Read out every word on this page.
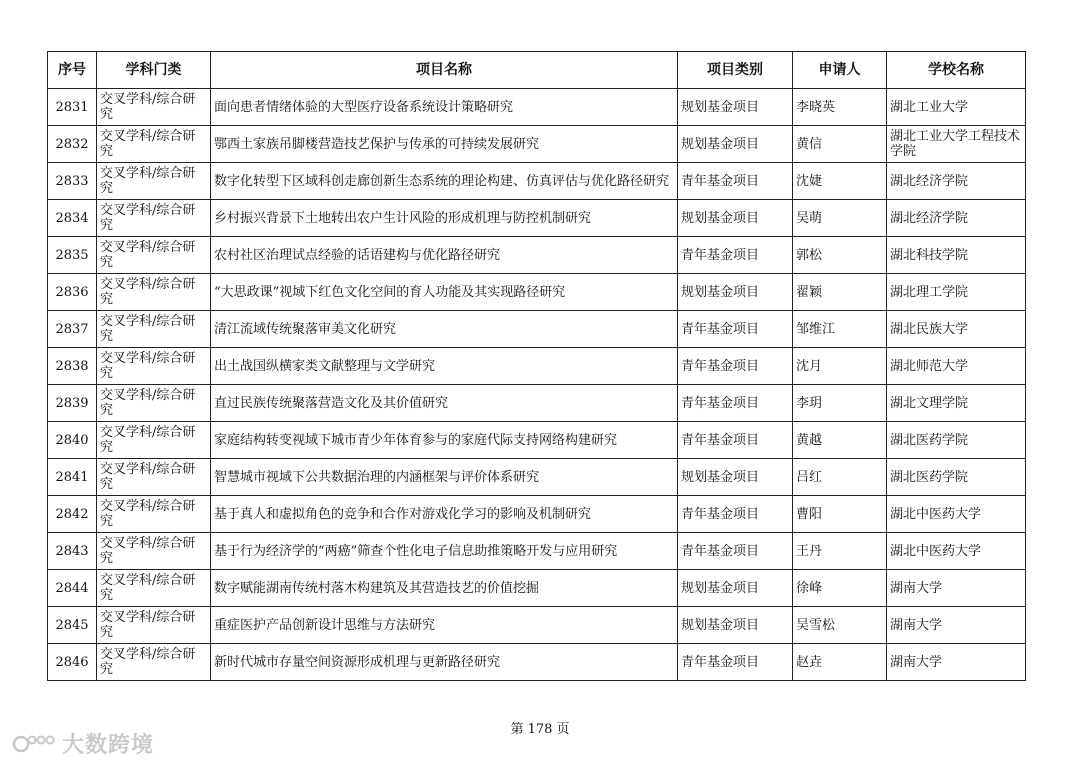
序号	学科门类	项目名称	项目类别	申请人	学校名称
2831	交叉学科/综合研究	面向患者情绪体验的大型医疗设备系统设计策略研究	规划基金项目	李晓英	湖北工业大学
2832	交叉学科/综合研究	鄂西土家族吊脚楼营造技艺保护与传承的可持续发展研究	规划基金项目	黄信	湖北工业大学工程技术学院
2833	交叉学科/综合研究	数字化转型下区域科创走廊创新生态系统的理论构建、仿真评估与优化路径研究	青年基金项目	沈婕	湖北经济学院
2834	交叉学科/综合研究	乡村振兴背景下土地转出农户生计风险的形成机理与防控机制研究	规划基金项目	吴萌	湖北经济学院
2835	交叉学科/综合研究	农村社区治理试点经验的话语建构与优化路径研究	青年基金项目	郭松	湖北科技学院
2836	交叉学科/综合研究	“大思政课”视域下红色文化空间的育人功能及其实现路径研究	规划基金项目	翟颖	湖北理工学院
2837	交叉学科/综合研究	清江流域传统聚落审美文化研究	青年基金项目	邹维江	湖北民族大学
2838	交叉学科/综合研究	出土战国纵横家类文献整理与文学研究	青年基金项目	沈月	湖北师范大学
2839	交叉学科/综合研究	直过民族传统聚落营造文化及其价值研究	青年基金项目	李玥	湖北文理学院
2840	交叉学科/综合研究	家庭结构转变视域下城市青少年体育参与的家庭代际支持网络构建研究	青年基金项目	黄越	湖北医药学院
2841	交叉学科/综合研究	智慧城市视域下公共数据治理的内涵框架与评价体系研究	规划基金项目	吕红	湖北医药学院
2842	交叉学科/综合研究	基于真人和虚拟角色的竞争和合作对游戏化学习的影响及机制研究	青年基金项目	曹阳	湖北中医药大学
2843	交叉学科/综合研究	基于行为经济学的“两癌”筛查个性化电子信息助推策略开发与应用研究	青年基金项目	王丹	湖北中医药大学
2844	交叉学科/综合研究	数字赋能湖南传统村落木构建筑及其营造技艺的价值挖掘	规划基金项目	徐峰	湖南大学
2845	交叉学科/综合研究	重症医护产品创新设计思维与方法研究	规划基金项目	吴雪松	湖南大学
2846	交叉学科/综合研究	新时代城市存量空间资源形成机理与更新路径研究	青年基金项目	赵垚	湖南大学
第 178 页
大数跨境
